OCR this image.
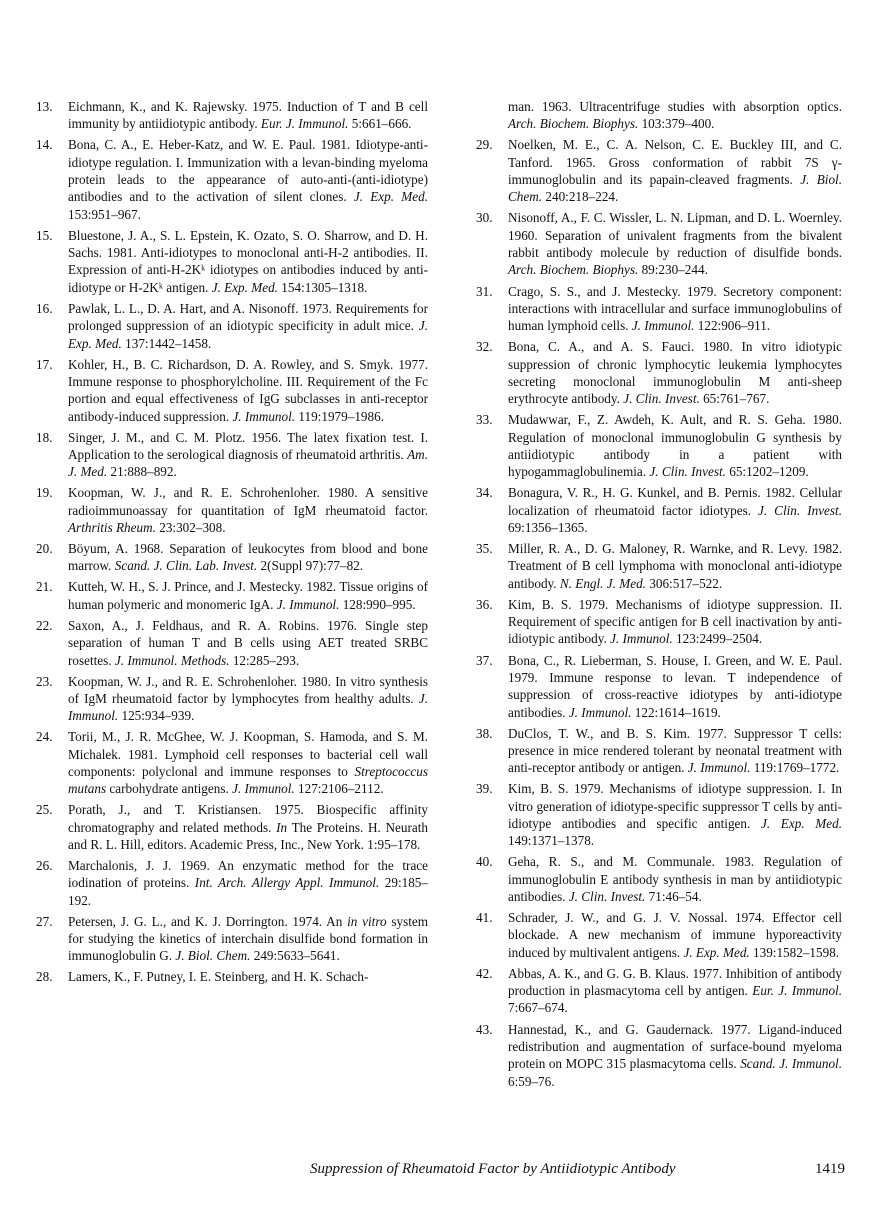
13.	Eichmann, K., and K. Rajewsky. 1975. Induction of T and B cell immunity by antiidiotypic antibody. Eur. J. Immunol. 5:661–666.

14.	Bona, C. A., E. Heber-Katz, and W. E. Paul. 1981. Idiotype-anti-idiotype regulation. I. Immunization with a levan-binding myeloma protein leads to the appearance of auto-anti-(anti-idiotype) antibodies and to the activation of silent clones. J. Exp. Med. 153:951–967.

15.	Bluestone, J. A., S. L. Epstein, K. Ozato, S. O. Sharrow, and D. H. Sachs. 1981. Anti-idiotypes to monoclonal anti-H-2 antibodies. II. Expression of anti-H-2Kᵏ idiotypes on antibodies induced by anti-idiotype or H-2Kᵏ antigen. J. Exp. Med. 154:1305–1318.

16.	Pawlak, L. L., D. A. Hart, and A. Nisonoff. 1973. Requirements for prolonged suppression of an idiotypic specificity in adult mice. J. Exp. Med. 137:1442–1458.

17.	Kohler, H., B. C. Richardson, D. A. Rowley, and S. Smyk. 1977. Immune response to phosphorylcholine. III. Requirement of the Fc portion and equal effectiveness of IgG subclasses in anti-receptor antibody-induced suppression. J. Immunol. 119:1979–1986.

18.	Singer, J. M., and C. M. Plotz. 1956. The latex fixation test. I. Application to the serological diagnosis of rheumatoid arthritis. Am. J. Med. 21:888–892.

19.	Koopman, W. J., and R. E. Schrohenloher. 1980. A sensitive radioimmunoassay for quantitation of IgM rheumatoid factor. Arthritis Rheum. 23:302–308.

20.	Böyum, A. 1968. Separation of leukocytes from blood and bone marrow. Scand. J. Clin. Lab. Invest. 2(Suppl 97):77–82.

21.	Kutteh, W. H., S. J. Prince, and J. Mestecky. 1982. Tissue origins of human polymeric and monomeric IgA. J. Immunol. 128:990–995.

22.	Saxon, A., J. Feldhaus, and R. A. Robins. 1976. Single step separation of human T and B cells using AET treated SRBC rosettes. J. Immunol. Methods. 12:285–293.

23.	Koopman, W. J., and R. E. Schrohenloher. 1980. In vitro synthesis of IgM rheumatoid factor by lymphocytes from healthy adults. J. Immunol. 125:934–939.

24.	Torii, M., J. R. McGhee, W. J. Koopman, S. Hamoda, and S. M. Michalek. 1981. Lymphoid cell responses to bacterial cell wall components: polyclonal and immune responses to Streptococcus mutans carbohydrate antigens. J. Immunol. 127:2106–2112.

25.	Porath, J., and T. Kristiansen. 1975. Biospecific affinity chromatography and related methods. In The Proteins. H. Neurath and R. L. Hill, editors. Academic Press, Inc., New York. 1:95–178.

26.	Marchalonis, J. J. 1969. An enzymatic method for the trace iodination of proteins. Int. Arch. Allergy Appl. Immunol. 29:185–192.

27.	Petersen, J. G. L., and K. J. Dorrington. 1974. An in vitro system for studying the kinetics of interchain disulfide bond formation in immunoglobulin G. J. Biol. Chem. 249:5633–5641.

28.	Lamers, K., F. Putney, I. E. Steinberg, and H. K. Schach-

man. 1963. Ultracentrifuge studies with absorption optics. Arch. Biochem. Biophys. 103:379–400.

29.	Noelken, M. E., C. A. Nelson, C. E. Buckley III, and C. Tanford. 1965. Gross conformation of rabbit 7S γ-immunoglobulin and its papain-cleaved fragments. J. Biol. Chem. 240:218–224.

30.	Nisonoff, A., F. C. Wissler, L. N. Lipman, and D. L. Woernley. 1960. Separation of univalent fragments from the bivalent rabbit antibody molecule by reduction of disulfide bonds. Arch. Biochem. Biophys. 89:230–244.

31.	Crago, S. S., and J. Mestecky. 1979. Secretory component: interactions with intracellular and surface immunoglobulins of human lymphoid cells. J. Immunol. 122:906–911.

32.	Bona, C. A., and A. S. Fauci. 1980. In vitro idiotypic suppression of chronic lymphocytic leukemia lymphocytes secreting monoclonal immunoglobulin M anti-sheep erythrocyte antibody. J. Clin. Invest. 65:761–767.

33.	Mudawwar, F., Z. Awdeh, K. Ault, and R. S. Geha. 1980. Regulation of monoclonal immunoglobulin G synthesis by antiidiotypic antibody in a patient with hypogammaglobulinemia. J. Clin. Invest. 65:1202–1209.

34.	Bonagura, V. R., H. G. Kunkel, and B. Pernis. 1982. Cellular localization of rheumatoid factor idiotypes. J. Clin. Invest. 69:1356–1365.

35.	Miller, R. A., D. G. Maloney, R. Warnke, and R. Levy. 1982. Treatment of B cell lymphoma with monoclonal anti-idiotype antibody. N. Engl. J. Med. 306:517–522.

36.	Kim, B. S. 1979. Mechanisms of idiotype suppression. II. Requirement of specific antigen for B cell inactivation by anti-idiotypic antibody. J. Immunol. 123:2499–2504.

37.	Bona, C., R. Lieberman, S. House, I. Green, and W. E. Paul. 1979. Immune response to levan. T independence of suppression of cross-reactive idiotypes by anti-idiotype antibodies. J. Immunol. 122:1614–1619.

38.	DuClos, T. W., and B. S. Kim. 1977. Suppressor T cells: presence in mice rendered tolerant by neonatal treatment with anti-receptor antibody or antigen. J. Immunol. 119:1769–1772.

39.	Kim, B. S. 1979. Mechanisms of idiotype suppression. I. In vitro generation of idiotype-specific suppressor T cells by anti-idiotype antibodies and specific antigen. J. Exp. Med. 149:1371–1378.

40.	Geha, R. S., and M. Communale. 1983. Regulation of immunoglobulin E antibody synthesis in man by antiidiotypic antibodies. J. Clin. Invest. 71:46–54.

41.	Schrader, J. W., and G. J. V. Nossal. 1974. Effector cell blockade. A new mechanism of immune hyporeactivity induced by multivalent antigens. J. Exp. Med. 139:1582–1598.

42.	Abbas, A. K., and G. G. B. Klaus. 1977. Inhibition of antibody production in plasmacytoma cell by antigen. Eur. J. Immunol. 7:667–674.

43.	Hannestad, K., and G. Gaudernack. 1977. Ligand-induced redistribution and augmentation of surface-bound myeloma protein on MOPC 315 plasmacytoma cells. Scand. J. Immunol. 6:59–76.

Suppression of Rheumatoid Factor by Antiidiotypic Antibody	1419
